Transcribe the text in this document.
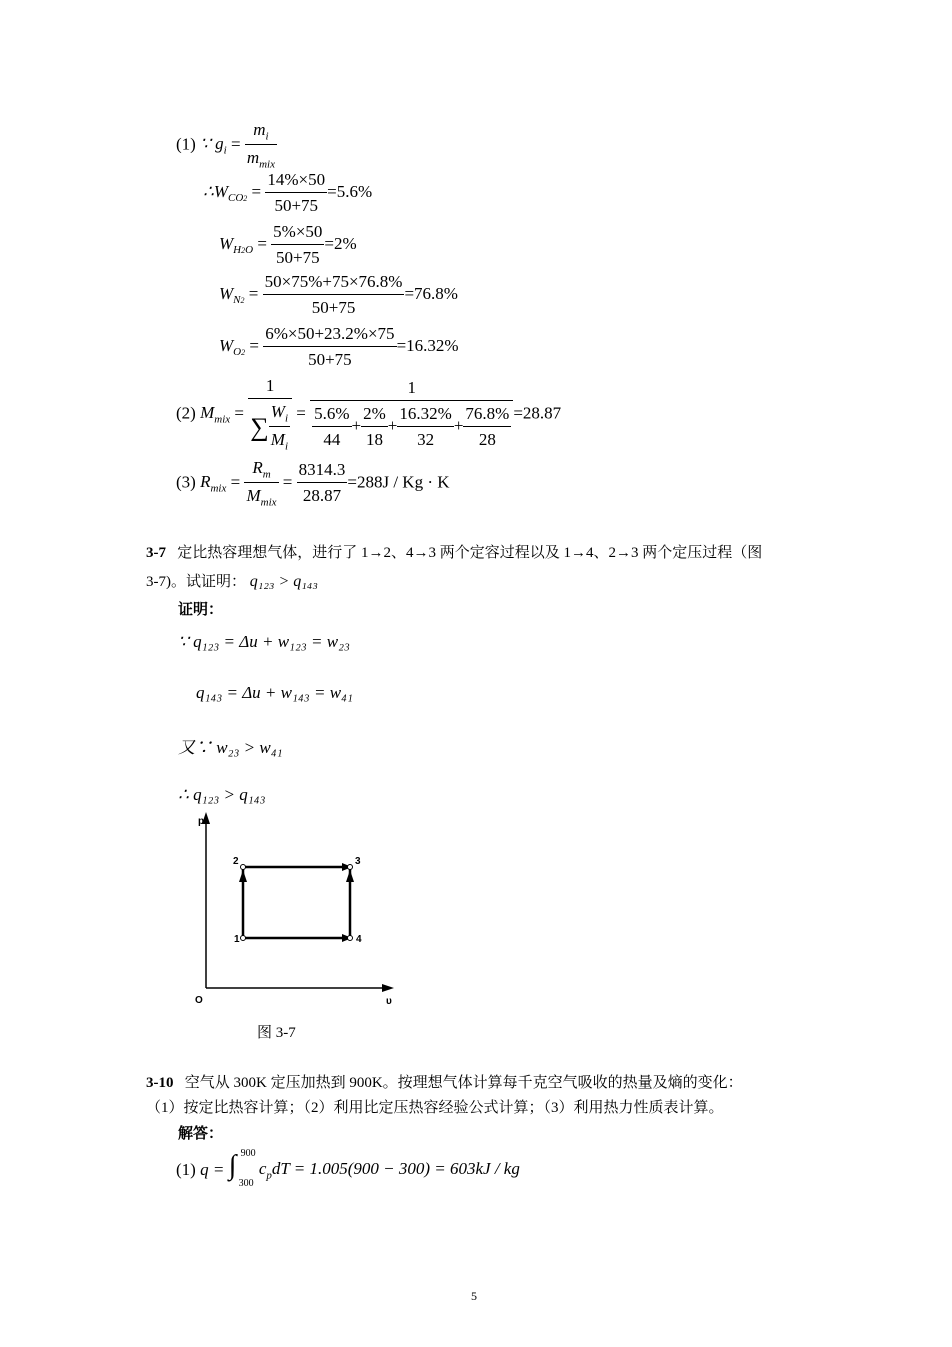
(1) ∵ $g_i = \frac{m_i}{m_{mix}}$
$\therefore W_{CO2} = \frac{14\%\times 50}{50+75} =5.6\%$
$W_{H2O} = \frac{5\%\times 50}{50+75} =2\%$
$W_{N2} = \frac{50\times 75\%+75\times 76.8\%}{50+75} =76.8\%$
$W_{O2} = \frac{6\%\times 50+23.2\%\times 75}{50+75} =16.32\%$
(2) $M_{mix} = \frac{1}{\sum \frac{W_i}{M_i}} = \frac{1}{\frac{5.6\%}{44} + \frac{2\%}{18} + \frac{16.32\%}{32} + \frac{76.8\%}{28}} =28.87$
(3) $R_{mix} = \frac{R_m}{M_{mix}} = \frac{8314.3}{28.87} =288J / Kg \cdot K$
3-7 定比热容理想气体，进行了 1→2、4→3 两个定容过程以及 1→4、2→3 两个定压过程（图
3-7)。试证明： q₁₂₃ > q₁₄₃
证明：
∵ q₁₂₃ = Δu + w₁₂₃ = w₂₃
q₁₄₃ = Δu + w₁₄₃ = w₄₁
又∵ w₂₃ > w₄₁
∴ q₁₂₃ > q₁₄₃
p
υ
O
1
2	3
4
图 3-7
3-10 空气从 300K 定压加热到 900K。按理想气体计算每千克空气吸收的热量及熵的变化：
（1）按定比热容计算；（2）利用比定压热容经验公式计算；（3）利用热力性质表计算。
解答：
(1) q = ∫ 900
300
$c_pdT = 1.005(900 - 300) = 603kJ$ / kg
5
